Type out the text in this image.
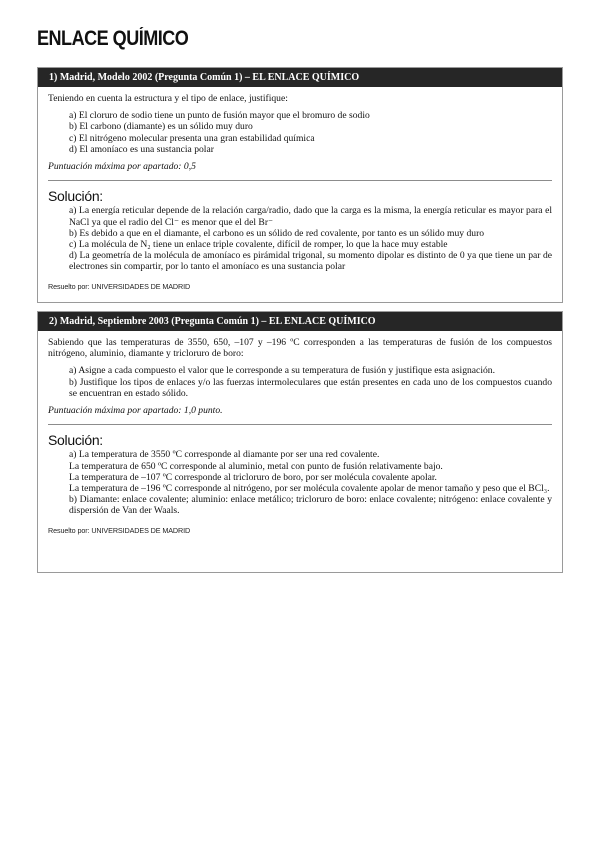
ENLACE QUÍMICO
1) Madrid, Modelo 2002 (Pregunta Común 1) – EL ENLACE QUÍMICO

Teniendo en cuenta la estructura y el tipo de enlace, justifique:

a) El cloruro de sodio tiene un punto de fusión mayor que el bromuro de sodio
b) El carbono (diamante) es un sólido muy duro
c) El nitrógeno molecular presenta una gran estabilidad química
d) El amoníaco es una sustancia polar

Puntuación máxima por apartado: 0,5

Solución:
a) La energía reticular depende de la relación carga/radio, dado que la carga es la misma, la energía reticular es mayor para el NaCl ya que el radio del Cl⁻ es menor que el del Br⁻
b) Es debido a que en el diamante, el carbono es un sólido de red covalente, por tanto es un sólido muy duro
c) La molécula de N₂ tiene un enlace triple covalente, difícil de romper, lo que la hace muy estable
d) La geometría de la molécula de amoníaco es pirámidal trigonal, su momento dipolar es distinto de 0 ya que tiene un par de electrones sin compartir, por lo tanto el amoníaco es una sustancia polar

Resuelto por: UNIVERSIDADES DE MADRID

2) Madrid, Septiembre 2003 (Pregunta Común 1) – EL ENLACE QUÍMICO

Sabiendo que las temperaturas de 3550, 650, –107 y –196 ºC corresponden a las temperaturas de fusión de los compuestos nitrógeno, aluminio, diamante y tricloruro de boro:

a) Asigne a cada compuesto el valor que le corresponde a su temperatura de fusión y justifique esta asignación.
b) Justifique los tipos de enlaces y/o las fuerzas intermoleculares que están presentes en cada uno de los compuestos cuando se encuentran en estado sólido.

Puntuación máxima por apartado: 1,0 punto.

Solución:
a) La temperatura de 3550 ºC corresponde al diamante por ser una red covalente.
La temperatura de 650 ºC corresponde al aluminio, metal con punto de fusión relativamente bajo.
La temperatura de –107 ºC corresponde al tricloruro de boro, por ser molécula covalente apolar.
La temperatura de –196 ºC corresponde al nitrógeno, por ser molécula covalente apolar de menor tamaño y peso que el BCl₃.
b) Diamante: enlace covalente; aluminio: enlace metálico; tricloruro de boro: enlace covalente; nitrógeno: enlace covalente y dispersión de Van der Waals.

Resuelto por: UNIVERSIDADES DE MADRID
